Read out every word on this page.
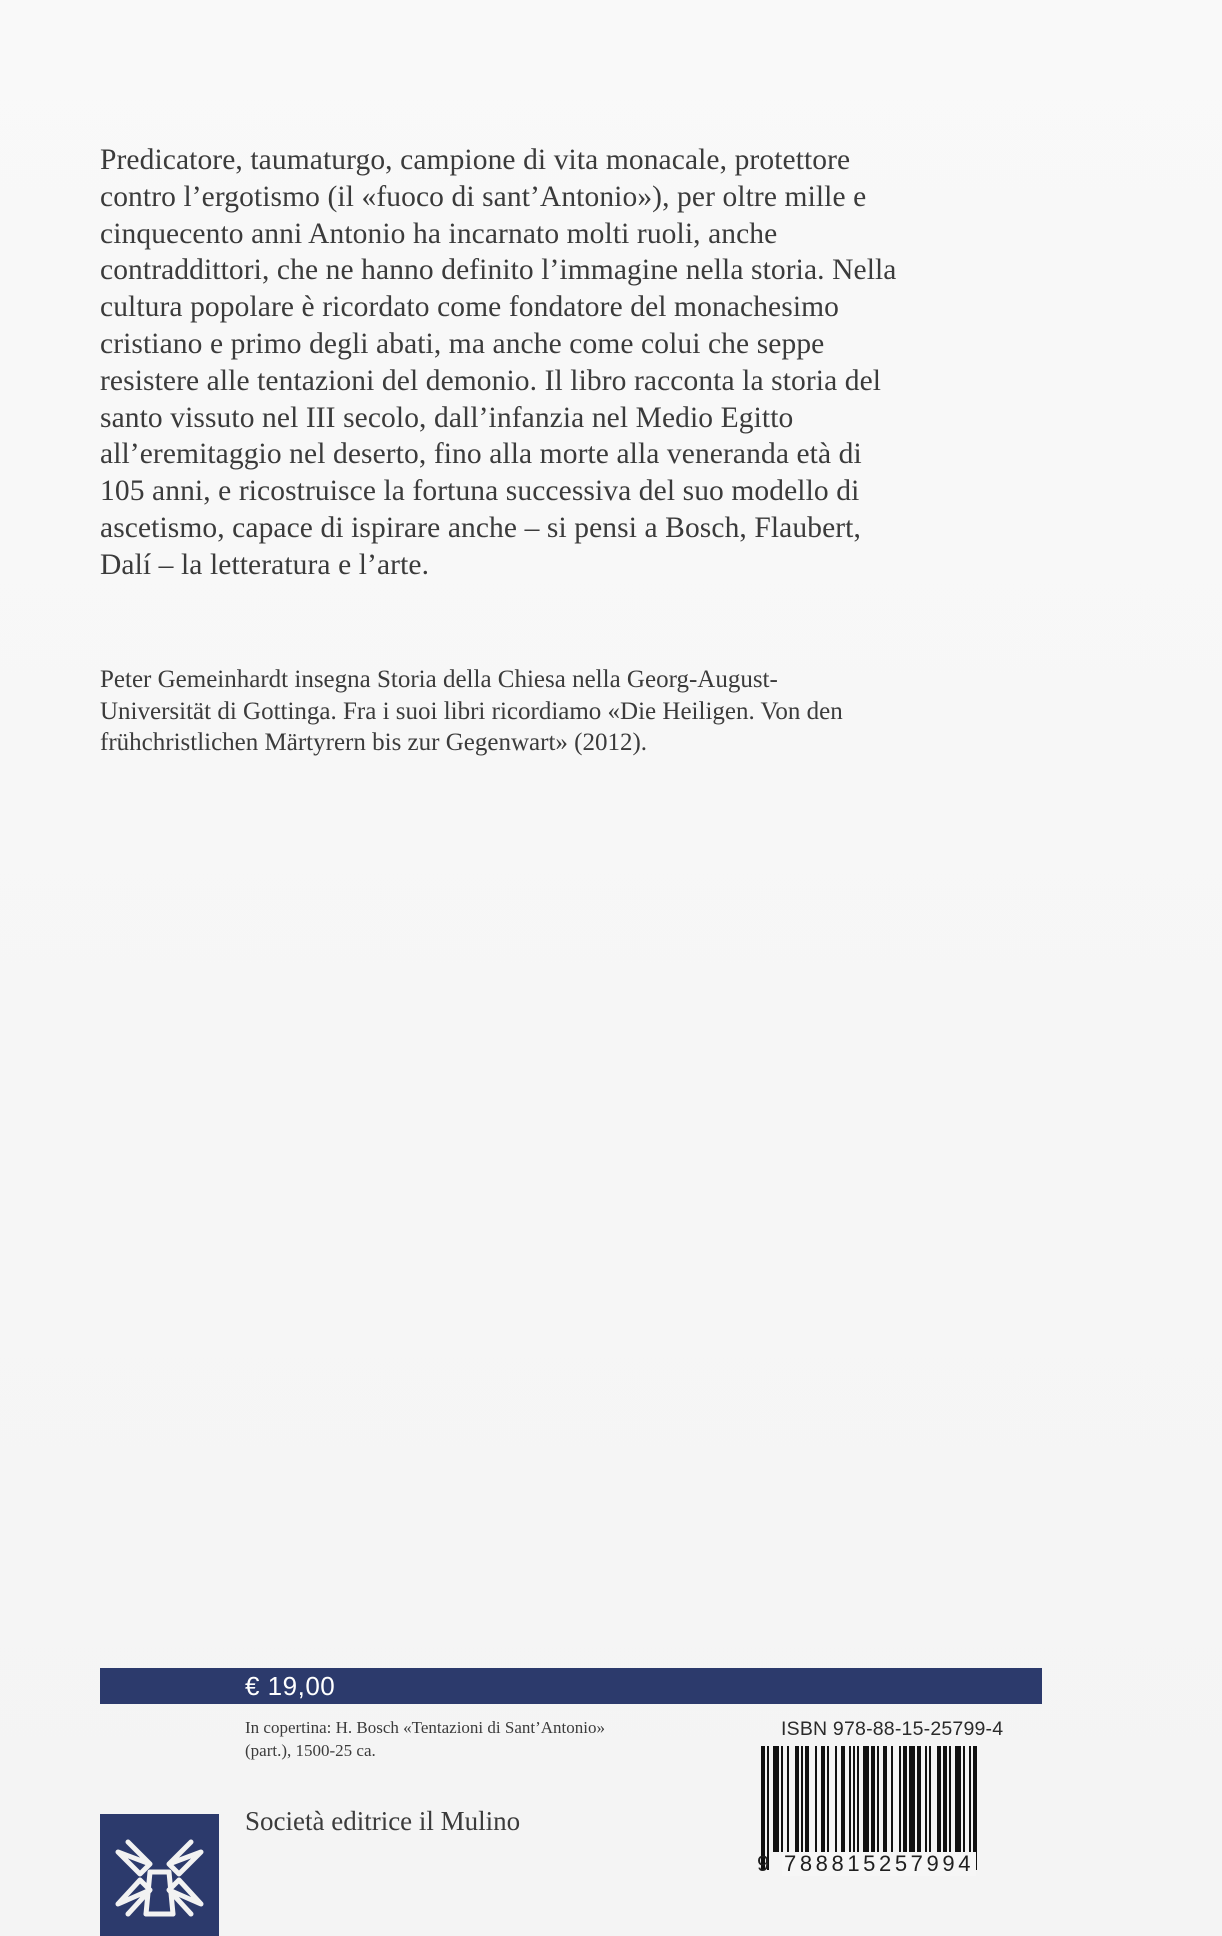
Predicatore, taumaturgo, campione di vita monacale, protettore
contro l’ergotismo (il «fuoco di sant’Antonio»), per oltre mille e
cinquecento anni Antonio ha incarnato molti ruoli, anche
contraddittori, che ne hanno definito l’immagine nella storia. Nella
cultura popolare è ricordato come fondatore del monachesimo
cristiano e primo degli abati, ma anche come colui che seppe
resistere alle tentazioni del demonio. Il libro racconta la storia del
santo vissuto nel III secolo, dall’infanzia nel Medio Egitto
all’eremitaggio nel deserto, fino alla morte alla veneranda età di
105 anni, e ricostruisce la fortuna successiva del suo modello di
ascetismo, capace di ispirare anche – si pensi a Bosch, Flaubert,
Dalí – la letteratura e l’arte.

Peter Gemeinhardt insegna Storia della Chiesa nella Georg-August-
Universität di Gottinga. Fra i suoi libri ricordiamo «Die Heiligen. Von den
frühchristlichen Märtyrern bis zur Gegenwart» (2012).

€ 19,00
In copertina: H. Bosch «Tentazioni di Sant’Antonio»
(part.), 1500-25 ca.
ISBN 978-88-15-25799-4
9 788815257994
Società editrice il Mulino
